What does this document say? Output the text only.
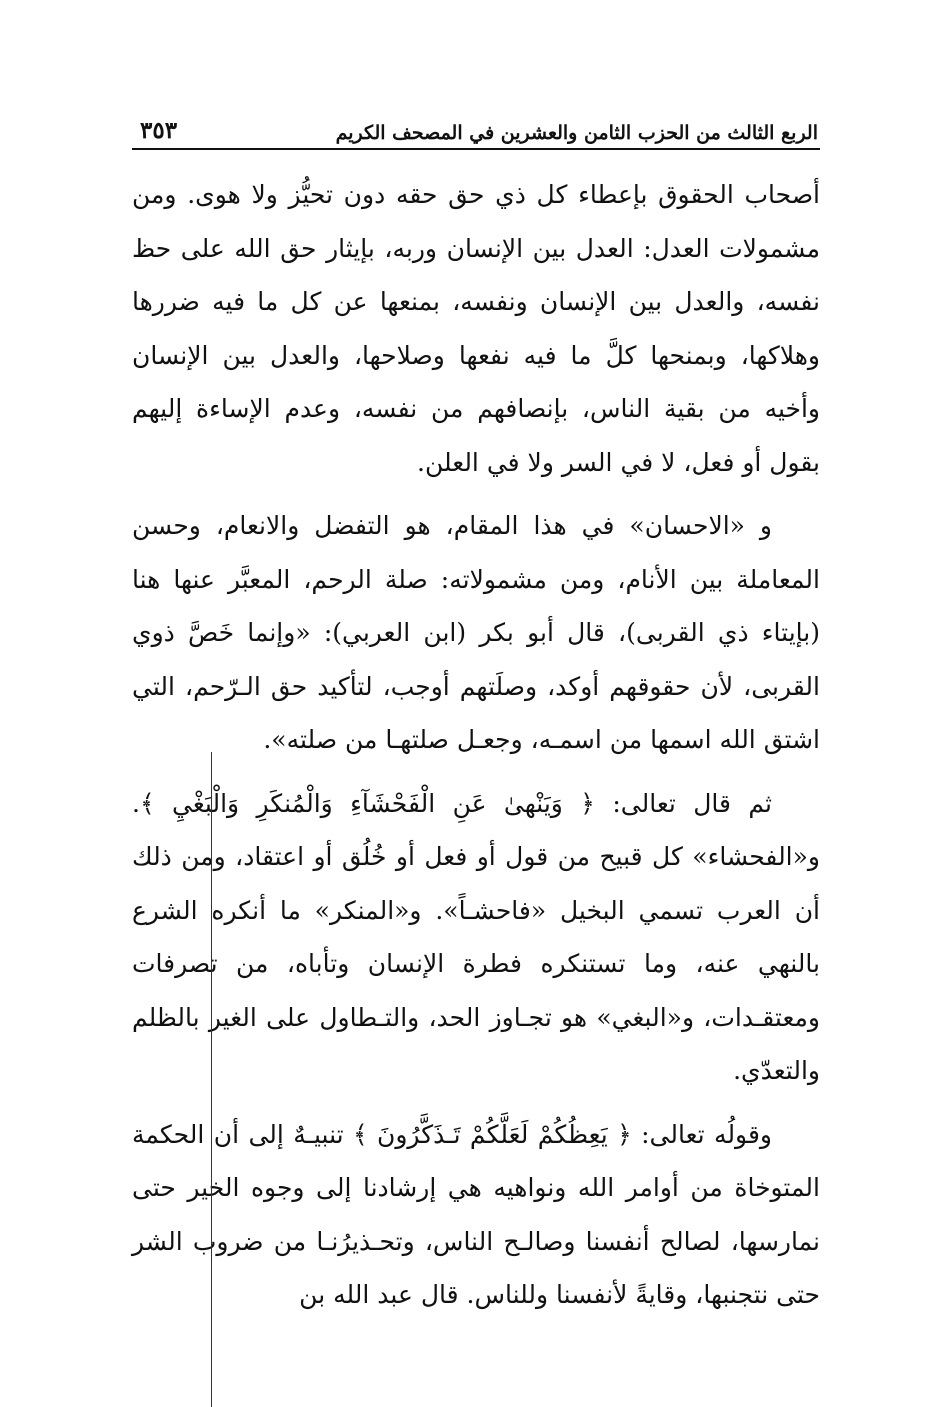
الربع الثالث من الحزب الثامن والعشرين في المصحف الكريم
٣٥٣

أصحاب الحقوق بإعطاء كل ذي حق حقه دون تحيُّز ولا هوى. ومن مشمولات العدل: العدل بين الإنسان وربه، بإيثار حق الله على حظ نفسه، والعدل بين الإنسان ونفسه، بمنعها عن كل ما فيه ضررها وهلاكها، وبمنحها كلَّ ما فيه نفعها وصلاحها، والعدل بين الإنسان وأخيه من بقية الناس، بإنصافهم من نفسه، وعدم الإساءة إليهم بقول أو فعل، لا في السر ولا في العلن.

و «الاحسان» في هذا المقام، هو التفضل والانعام، وحسن المعاملة بين الأنام، ومن مشمولاته: صلة الرحم، المعبَّر عنها هنا (بإيتاء ذي القربى)، قال أبو بكر (ابن العربي): «وإنما خَصَّ ذوي القربى، لأن حقوقهم أوكد، وصلَتهم أوجب، لتأكيد حق الـرّحم، التي اشتق الله اسمها من اسمـه، وجعـل صلتهـا من صلته».

ثم قال تعالى: ﴿ وَيَنْهىٰ عَنِ الْفَحْشَآءِ وَالْمُنكَرِ وَالْبَغْيِ ﴾. و«الفحشاء» كل قبيح من قول أو فعل أو خُلُق أو اعتقاد، ومن ذلك أن العرب تسمي البخيل «فاحشـاً». و«المنكر» ما أنكره الشرع بالنهي عنه، وما تستنكره فطرة الإنسان وتأباه، من تصرفات ومعتقـدات، و«البغي» هو تجـاوز الحد، والتـطاول على الغير بالظلم والتعدّي.

وقولُه تعالى: ﴿ يَعِظُكُمْ لَعَلَّكُمْ تَـذَكَّرُونَ ﴾ تنبيـهٌ إلى أن الحكمة المتوخاة من أوامر الله ونواهيه هي إرشادنا إلى وجوه الخير حتى نمارسها، لصالح أنفسنا وصالـح الناس، وتحـذيرُنـا من ضروب الشر حتى نتجنبها، وقايةً لأنفسنا وللناس. قال عبد الله بن
